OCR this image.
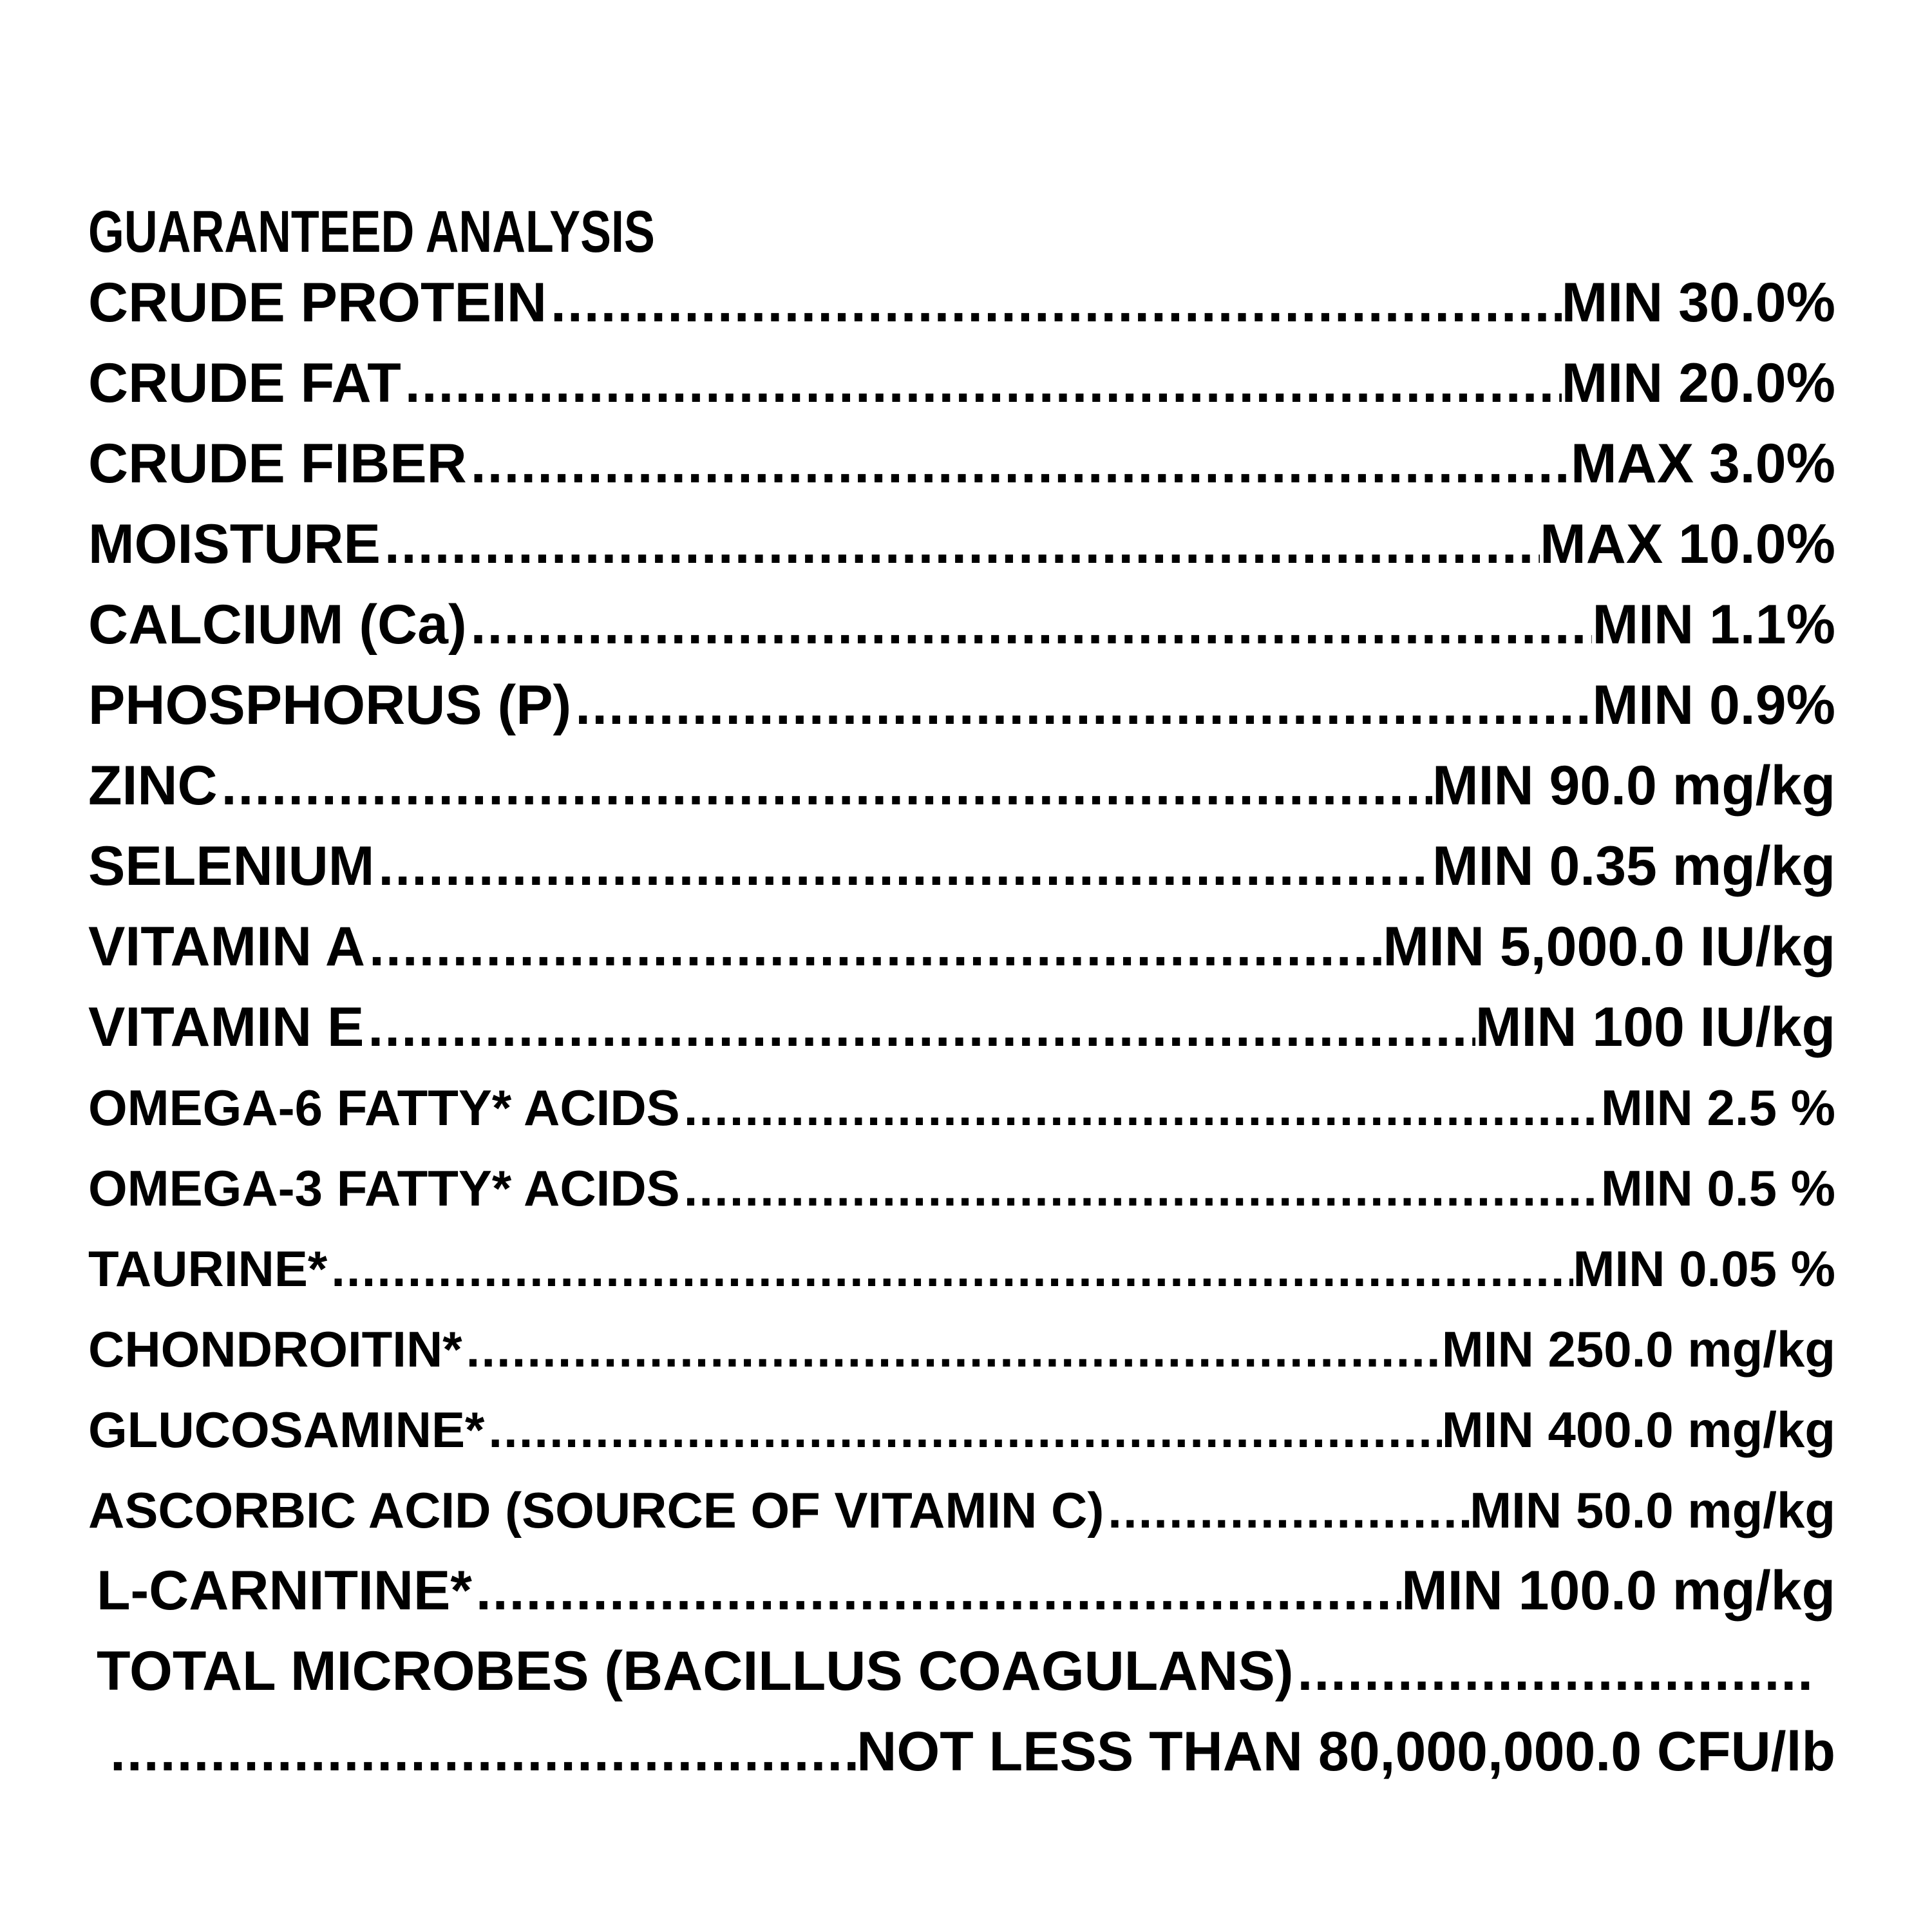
GUARANTEED ANALYSIS
CRUDE PROTEIN .....	MIN 30.0%
CRUDE FAT .....	MIN 20.0%
CRUDE FIBER .....	MAX 3.0%
MOISTURE .....	MAX 10.0%
CALCIUM (Ca) .....	MIN 1.1%
PHOSPHORUS (P) .....	MIN 0.9%
ZINC .....	MIN 90.0 mg/kg
SELENIUM .....	MIN 0.35 mg/kg
VITAMIN A .....	MIN 5,000.0 IU/kg
VITAMIN E .....	MIN 100 IU/kg
OMEGA-6 FATTY* ACIDS .....	MIN 2.5 %
OMEGA-3 FATTY* ACIDS .....	MIN 0.5 %
TAURINE* .....	MIN 0.05 %
CHONDROITIN* .....	MIN 250.0 mg/kg
GLUCOSAMINE* .....	MIN 400.0 mg/kg
ASCORBIC ACID (SOURCE OF VITAMIN C) .....	MIN 50.0 mg/kg
L-CARNITINE* .....	MIN 100.0 mg/kg
TOTAL MICROBES (BACILLUS COAGULANS)
.....
.....
NOT LESS THAN 80,000,000.0 CFU/lb
